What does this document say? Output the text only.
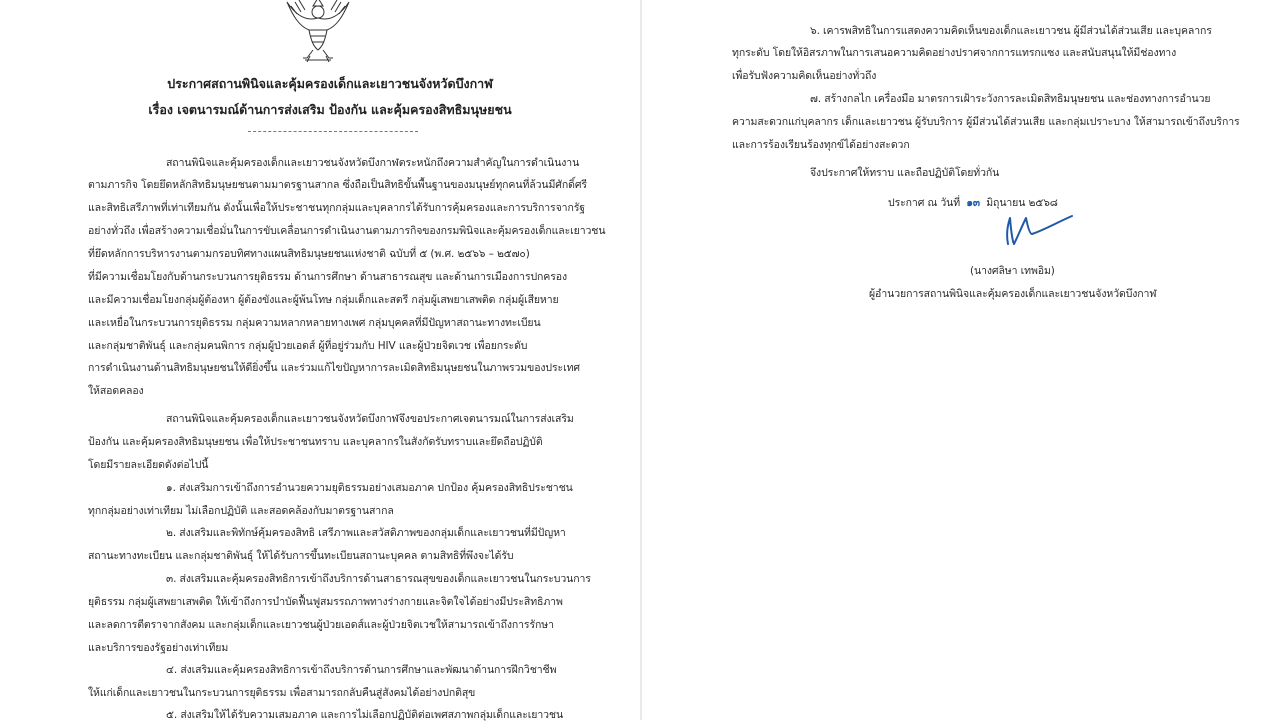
ประกาศสถานพินิจและคุ้มครองเด็กและเยาวชนจังหวัดบึงกาฬ
เรื่อง เจตนารมณ์ด้านการส่งเสริม ป้องกัน และคุ้มครองสิทธิมนุษยชน
สถานพินิจและคุ้มครองเด็กและเยาวชนจังหวัดบึงกาฬตระหนักถึงความสำคัญในการดำเนินงาน
ตามภารกิจ โดยยึดหลักสิทธิมนุษยชนตามมาตรฐานสากล ซึ่งถือเป็นสิทธิขั้นพื้นฐานของมนุษย์ทุกคนที่ล้วนมีศักดิ์ศรี
และสิทธิเสรีภาพที่เท่าเทียมกัน ดังนั้นเพื่อให้ประชาชนทุกกลุ่มและบุคลากรได้รับการคุ้มครองและการบริการจากรัฐ
อย่างทั่วถึง เพื่อสร้างความเชื่อมั่นในการขับเคลื่อนการดำเนินงานตามภารกิจของกรมพินิจและคุ้มครองเด็กและเยาวชน
ที่ยึดหลักการบริหารงานตามกรอบทิศทางแผนสิทธิมนุษยชนแห่งชาติ ฉบับที่ ๕ (พ.ศ. ๒๕๖๖ – ๒๕๗๐)
ที่มีความเชื่อมโยงกับด้านกระบวนการยุติธรรม ด้านการศึกษา ด้านสาธารณสุข และด้านการเมืองการปกครอง
และมีความเชื่อมโยงกลุ่มผู้ต้องหา ผู้ต้องขังและผู้พ้นโทษ กลุ่มเด็กและสตรี กลุ่มผู้เสพยาเสพติด กลุ่มผู้เสียหาย
และเหยื่อในกระบวนการยุติธรรม กลุ่มความหลากหลายทางเพศ กลุ่มบุคคลที่มีปัญหาสถานะทางทะเบียน
และกลุ่มชาติพันธุ์ และกลุ่มคนพิการ กลุ่มผู้ป่วยเอดส์ ผู้ที่อยู่ร่วมกับ HIV และผู้ป่วยจิตเวช เพื่อยกระดับ
การดำเนินงานด้านสิทธิมนุษยชนให้ดียิ่งขึ้น และร่วมแก้ไขปัญหาการละเมิดสิทธิมนุษยชนในภาพรวมของประเทศ
ให้สอดคลอง
สถานพินิจและคุ้มครองเด็กและเยาวชนจังหวัดบึงกาฬจึงขอประกาศเจตนารมณ์ในการส่งเสริม
ป้องกัน และคุ้มครองสิทธิมนุษยชน เพื่อให้ประชาชนทราบ และบุคลากรในสังกัดรับทราบและยึดถือปฏิบัติ
โดยมีรายละเอียดดังต่อไปนี้
๑. ส่งเสริมการเข้าถึงการอำนวยความยุติธรรมอย่างเสมอภาค ปกป้อง คุ้มครองสิทธิประชาชน
ทุกกลุ่มอย่างเท่าเทียม ไม่เลือกปฏิบัติ และสอดคล้องกับมาตรฐานสากล
๒. ส่งเสริมและพิทักษ์คุ้มครองสิทธิ เสรีภาพและสวัสดิภาพของกลุ่มเด็กและเยาวชนที่มีปัญหา
สถานะทางทะเบียน และกลุ่มชาติพันธุ์ ให้ได้รับการขึ้นทะเบียนสถานะบุคคล ตามสิทธิที่พึงจะได้รับ
๓. ส่งเสริมและคุ้มครองสิทธิการเข้าถึงบริการด้านสาธารณสุขของเด็กและเยาวชนในกระบวนการ
ยุติธรรม กลุ่มผู้เสพยาเสพติด ให้เข้าถึงการบำบัดฟื้นฟูสมรรถภาพทางร่างกายและจิตใจได้อย่างมีประสิทธิภาพ
และลดการตีตราจากสังคม และกลุ่มเด็กและเยาวชนผู้ป่วยเอดส์และผู้ป่วยจิตเวชให้สามารถเข้าถึงการรักษา
และบริการของรัฐอย่างเท่าเทียม
๔. ส่งเสริมและคุ้มครองสิทธิการเข้าถึงบริการด้านการศึกษาและพัฒนาด้านการฝึกวิชาชีพ
ให้แก่เด็กและเยาวชนในกระบวนการยุติธรรม เพื่อสามารถกลับคืนสู่สังคมได้อย่างปกติสุข
๕. ส่งเสริมให้ได้รับความเสมอภาค และการไม่เลือกปฏิบัติต่อเพศสภาพกลุ่มเด็กและเยาวชน
๖. เคารพสิทธิในการแสดงความคิดเห็นของเด็กและเยาวชน ผู้มีส่วนได้ส่วนเสีย และบุคลากร
ทุกระดับ โดยให้อิสรภาพในการเสนอความคิดอย่างปราศจากการแทรกแซง และสนับสนุนให้มีช่องทาง
เพื่อรับฟังความคิดเห็นอย่างทั่วถึง
๗. สร้างกลไก เครื่องมือ มาตรการเฝ้าระวังการละเมิดสิทธิมนุษยชน และช่องทางการอำนวย
ความสะดวกแก่บุคลากร เด็กและเยาวชน ผู้รับบริการ ผู้มีส่วนได้ส่วนเสีย และกลุ่มเปราะบาง ให้สามารถเข้าถึงบริการ
และการร้องเรียนร้องทุกข์ได้อย่างสะดวก
จึงประกาศให้ทราบ และถือปฏิบัติโดยทั่วกัน
ประกาศ ณ วันที่ ๑๓ มิถุนายน ๒๕๖๘
(นางศลิษา เทพอิม)
ผู้อำนวยการสถานพินิจและคุ้มครองเด็กและเยาวชนจังหวัดบึงกาฬ
